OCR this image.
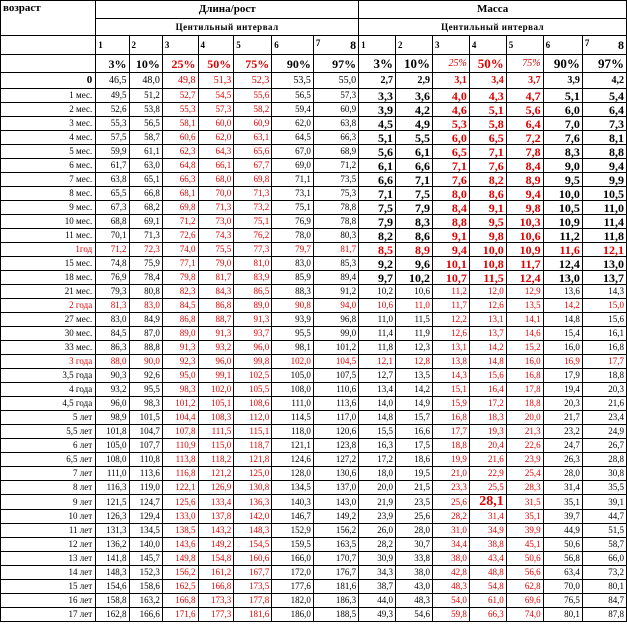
возраст	Длина/рост							Масса						
	Центильный интервал							Центильный интервал						

	1	2	3	4	5	6	7 8	1	2	3	4	5	6	7 8
	3%	10%	25%	50%	75%	90%	97%	3%	10%	25%	50%	75%	90%	97%
0	46,5	48,0	49,8	51,3	52,3	53,5	55,0	2,7	2,9	3,1	3,4	3,7	3,9	4,2
1 мес.	49,5	51,2	52,7	54,5	55,6	56,5	57,3	3,3	3,6	4,0	4,3	4,7	5,1	5,4
2 мес.	52,6	53,8	55,3	57,3	58,2	59,4	60,9	3,9	4,2	4,6	5,1	5,6	6,0	6,4
3 мес.	55,3	56,5	58,1	60,0	60,9	62,0	63,8	4,5	4,9	5,3	5,8	6,4	7,0	7,3
4 мес.	57,5	58,7	60,6	62,0	63,1	64,5	66,3	5,1	5,5	6,0	6,5	7,2	7,6	8,1
5 мес.	59,9	61,1	62,3	64,3	65,6	67,0	68,9	5,6	6,1	6,5	7,1	7,8	8,3	8,8
6 мес.	61,7	63,0	64,8	66,1	67,7	69,0	71,2	6,1	6,6	7,1	7,6	8,4	9,0	9,4
7 мес.	63,8	65,1	66,3	68,0	69,8	71,1	73,5	6,6	7,1	7,6	8,2	8,9	9,5	9,9
8 мес.	65,5	66,8	68,1	70,0	71,3	73,1	75,3	7,1	7,5	8,0	8,6	9,4	10,0	10,5
9 мес.	67,3	68,2	69,8	71,3	73,2	75,1	78,8	7,5	7,9	8,4	9,1	9,8	10,5	11,0
10 мес.	68,8	69,1	71,2	73,0	75,1	76,9	78,8	7,9	8,3	8,8	9,5	10,3	10,9	11,4
11 мес.	70,1	71,3	72,6	74,3	76,2	78,0	80,3	8,2	8,6	9,1	9,8	10,6	11,2	11,8
1год	71,2	72,3	74,0	75,5	77,3	79,7	81,7	8,5	8,9	9,4	10,0	10,9	11,6	12,1
15 мес.	74,8	75,9	77,1	79,0	81,0	83,0	85,3	9,2	9,6	10,1	10,8	11,7	12,4	13,0
18 мес.	76,9	78,4	79,8	81,7	83,9	85,9	89,4	9,7	10,2	10,7	11,5	12,4	13,0	13,7
21 мес.	79,3	80,8	82,3	84,3	86,5	88,3	91,2	10,2	10,6	11,2	12,0	12,9	13,6	14,3
2 года	81,3	83,0	84,5	86,8	89,0	90,8	94,0	10,6	11,0	11,7	12,6	13,5	14,2	15,0
27 мес.	83,0	84,9	86,8	88,7	91,3	93,9	96,8	11,0	11,5	12,2	13,1	14,1	14,8	15,6
30 мес.	84,5	87,0	89,0	91,3	93,7	95,5	99,0	11,4	11,9	12,6	13,7	14,6	15,4	16,1
33 мес.	86,3	88,8	91,3	93,2	96,0	98,1	101,2	11,8	12,3	13,1	14,2	15,2	16,0	16,8
3 года	88,0	90,0	92,3	96,0	99,8	102,0	104,5	12,1	12,8	13,8	14,8	16,0	16,9	17,7
3,5 года	90,3	92,6	95,0	99,1	102,5	105,0	107,5	12,7	13,5	14,3	15,6	16,8	17,9	18,8
4 года	93,2	95,5	98,3	102,0	105,5	108,0	110,6	13,4	14,2	15,1	16,4	17,8	19,4	20,3
4,5 года	96,0	98,3	101,2	105,1	108,6	111,0	113,6	14,0	14,9	15,9	17,2	18,8	20,3	21,6
5 лет	98,9	101,5	104,4	108,3	112,0	114,5	117,0	14,8	15,7	16,8	18,3	20,0	21,7	23,4
5,5 лет	101,8	104,7	107,8	111,5	115,1	118,0	120,6	15,5	16,6	17,7	19,3	21,3	23,2	24,9
6 лет	105,0	107,7	110,9	115,0	118,7	121,1	123,8	16,3	17,5	18,8	20,4	22,6	24,7	26,7
6,5 лет	108,0	110,8	113,8	118,2	121,8	124,6	127,2	17,2	18,6	19,9	21,6	23,9	26,3	28,8
7 лет	111,0	113,6	116,8	121,2	125,0	128,0	130,6	18,0	19,5	21,0	22,9	25,4	28,0	30,8
8 лет	116,3	119,0	122,1	126,9	130,8	134,5	137,0	20,0	21,5	23,3	25,5	28,3	31,4	35,5
9 лет	121,5	124,7	125,6	133,4	136,3	140,3	143,0	21,9	23,5	25,6	28,1	31,5	35,1	39,1
10 лет	126,3	129,4	133,0	137,8	142,0	146,7	149,2	23,9	25,6	28,2	31,4	35,1	39,7	44,7
11 лет	131,3	134,5	138,5	143,2	148,3	152,9	156,2	26,0	28,0	31,0	34,9	39,9	44,9	51,5
12 лет	136,2	140,0	143,6	149,2	154,5	159,5	163,5	28,2	30,7	34,4	38,8	45,1	50,6	58,7
13 лет	141,8	145,7	149,8	154,8	160,6	166,0	170,7	30,9	33,8	38,0	43,4	50,6	56,8	66,0
14 лет	148,3	152,3	156,2	161,2	167,7	172,0	176,7	34,3	38,0	42,8	48,8	56,6	63,4	73,2
15 лет	154,6	158,6	162,5	166,8	173,5	177,6	181,6	38,7	43,0	48,3	54,8	62,8	70,0	80,1
16 лет	158,8	163,2	166,8	173,3	177,8	182,0	186,3	44,0	48,3	54,0	61,0	69,6	76,5	84,7
17 лет	162,8	166,6	171,6	177,3	181,6	186,0	188,5	49,3	54,6	59,8	66,3	74,0	80,1	87,8
